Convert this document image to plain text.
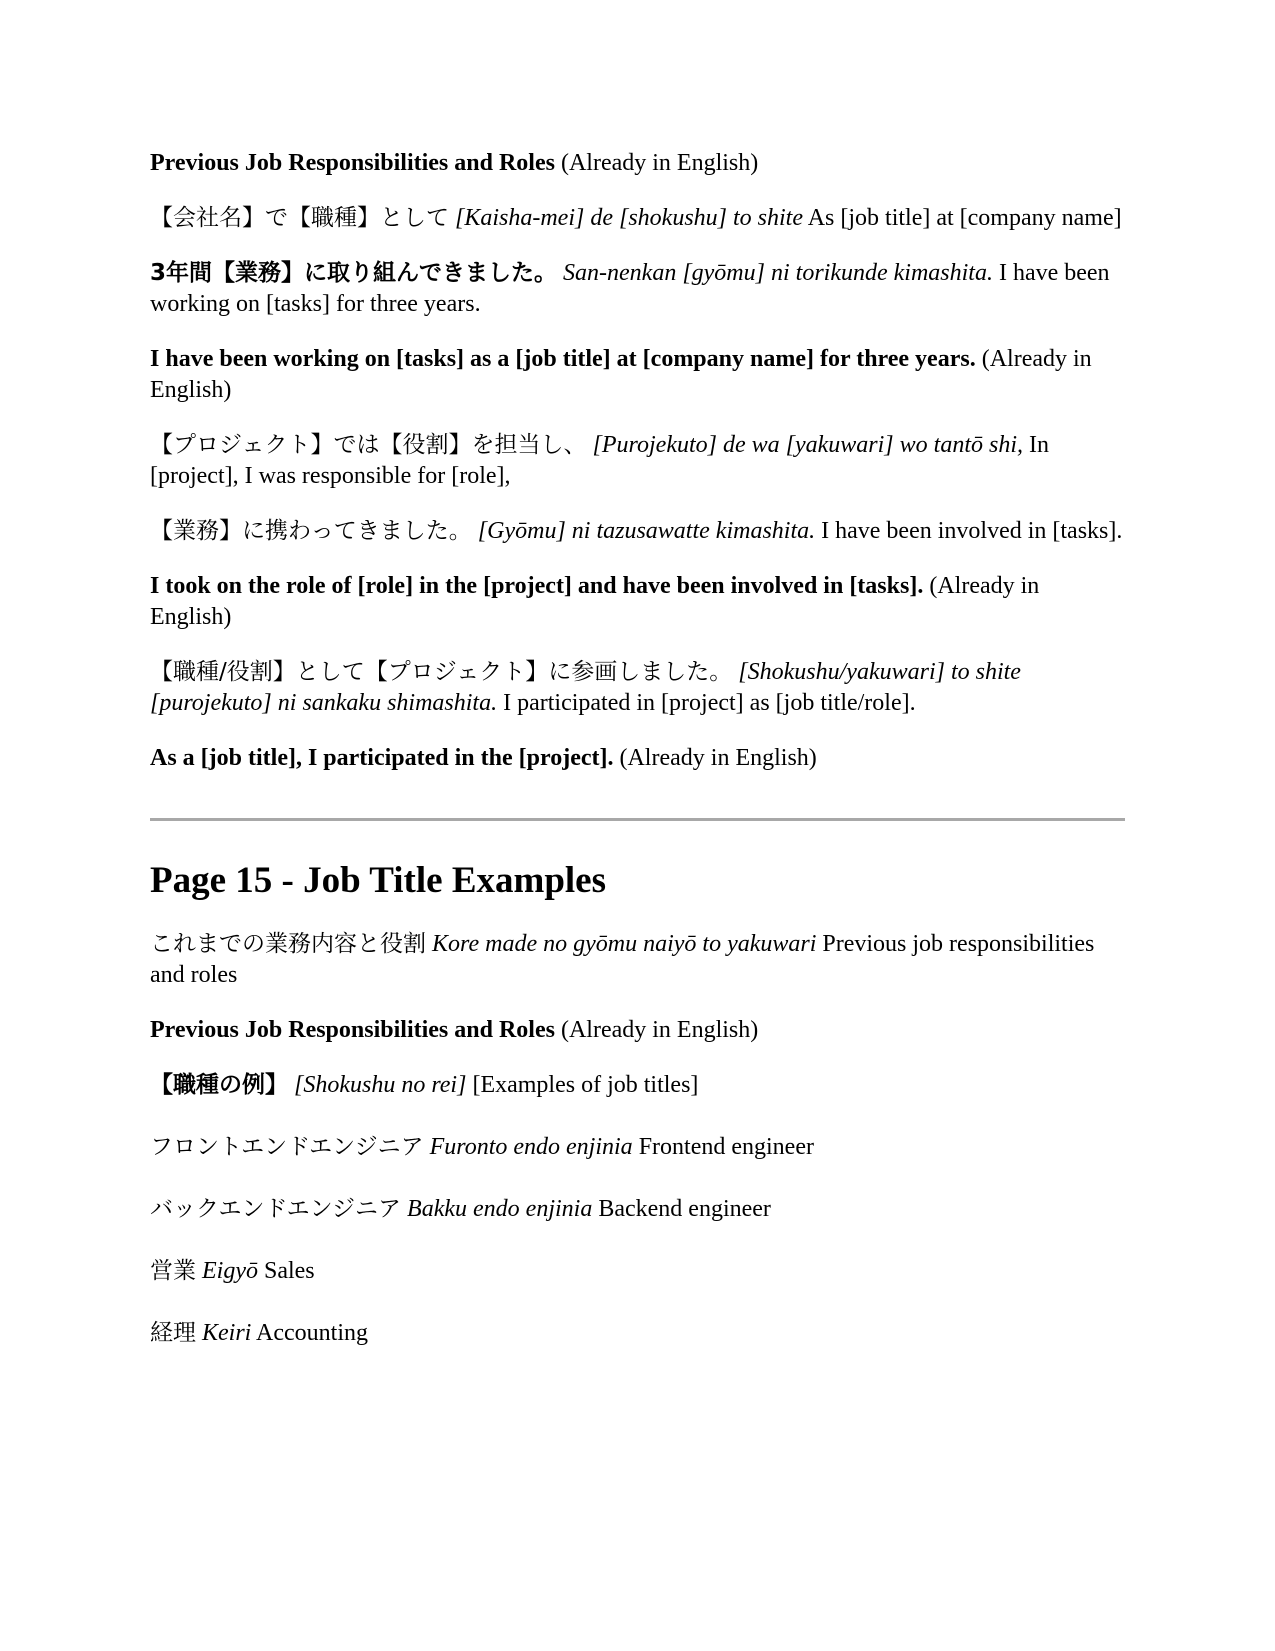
Previous Job Responsibilities and Roles (Already in English)

【会社名】で【職種】として [Kaisha-mei] de [shokushu] to shite As [job title] at [company name]

3年間【業務】に取り組んできました。 San-nenkan [gyōmu] ni torikunde kimashita. I have been working on [tasks] for three years.

I have been working on [tasks] as a [job title] at [company name] for three years. (Already in English)

【プロジェクト】では【役割】を担当し、 [Purojekuto] de wa [yakuwari] wo tantō shi, In [project], I was responsible for [role],

【業務】に携わってきました。 [Gyōmu] ni tazusawatte kimashita. I have been involved in [tasks].

I took on the role of [role] in the [project] and have been involved in [tasks]. (Already in English)

【職種/役割】として【プロジェクト】に参画しました。 [Shokushu/yakuwari] to shite [purojekuto] ni sankaku shimashita. I participated in [project] as [job title/role].

As a [job title], I participated in the [project]. (Already in English)

Page 15 - Job Title Examples

これまでの業務内容と役割 Kore made no gyōmu naiyō to yakuwari Previous job responsibilities and roles

Previous Job Responsibilities and Roles (Already in English)

【職種の例】 [Shokushu no rei] [Examples of job titles]

フロントエンドエンジニア Furonto endo enjinia Frontend engineer

バックエンドエンジニア Bakku endo enjinia Backend engineer

営業 Eigyō Sales

経理 Keiri Accounting
